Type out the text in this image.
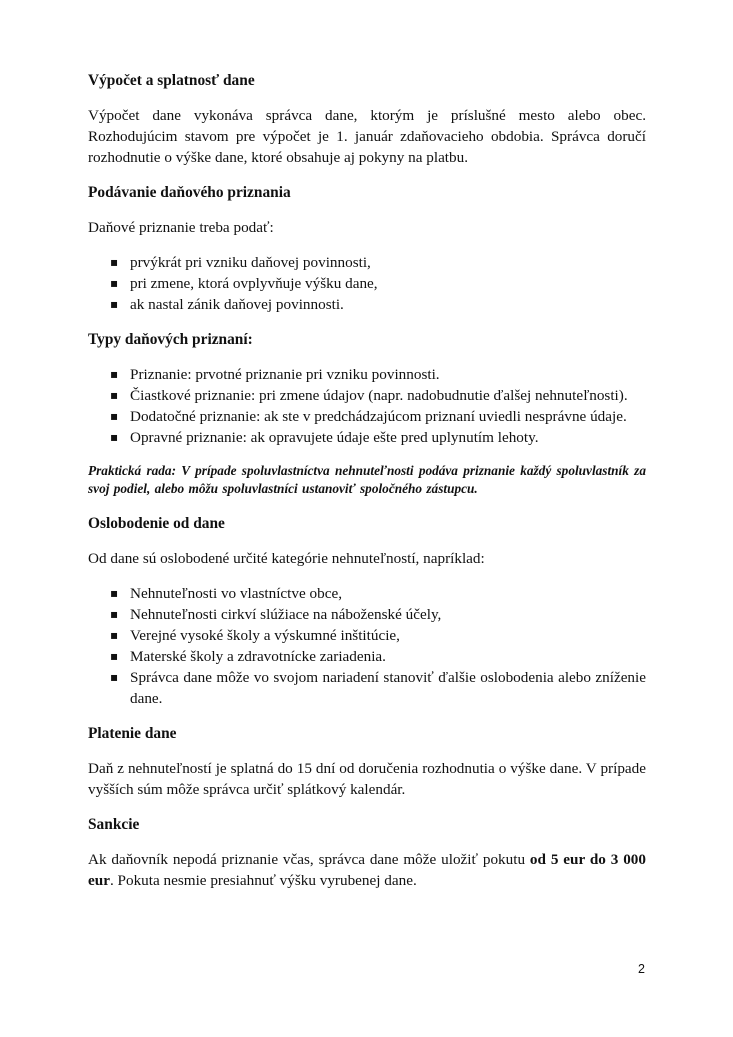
Výpočet a splatnosť dane

Výpočet dane vykonáva správca dane, ktorým je príslušné mesto alebo obec. Rozhodujúcim stavom pre výpočet je 1. január zdaňovacieho obdobia. Správca doručí rozhodnutie o výške dane, ktoré obsahuje aj pokyny na platbu.

Podávanie daňového priznania

Daňové priznanie treba podať:

▪ prvýkrát pri vzniku daňovej povinnosti,
▪ pri zmene, ktorá ovplyvňuje výšku dane,
▪ ak nastal zánik daňovej povinnosti.
Typy daňových priznaní:
▪ Priznanie: prvotné priznanie pri vzniku povinnosti.
▪ Čiastkové priznanie: pri zmene údajov (napr. nadobudnutie ďalšej nehnuteľnosti).
▪ Dodatočné priznanie: ak ste v predchádzajúcom priznaní uviedli nesprávne údaje.
▪ Opravné priznanie: ak opravujete údaje ešte pred uplynutím lehoty.

Praktická rada: V prípade spoluvlastníctva nehnuteľnosti podáva priznanie každý spoluvlastník za svoj podiel, alebo môžu spoluvlastníci ustanoviť spoločného zástupcu.

Oslobodenie od dane

Od dane sú oslobodené určité kategórie nehnuteľností, napríklad:

▪ Nehnuteľnosti vo vlastníctve obce,
▪ Nehnuteľnosti cirkví slúžiace na náboženské účely,
▪ Verejné vysoké školy a výskumné inštitúcie,
▪ Materské školy a zdravotnícke zariadenia.
▪ Správca dane môže vo svojom nariadení stanoviť ďalšie oslobodenia alebo zníženie dane.
Platenie dane

Daň z nehnuteľností je splatná do 15 dní od doručenia rozhodnutia o výške dane. V prípade vyšších súm môže správca určiť splátkový kalendár.

Sankcie

Ak daňovník nepodá priznanie včas, správca dane môže uložiť pokutu od 5 eur do 3 000 eur. Pokuta nesmie presiahnuť výšku vyrubenej dane.

2
